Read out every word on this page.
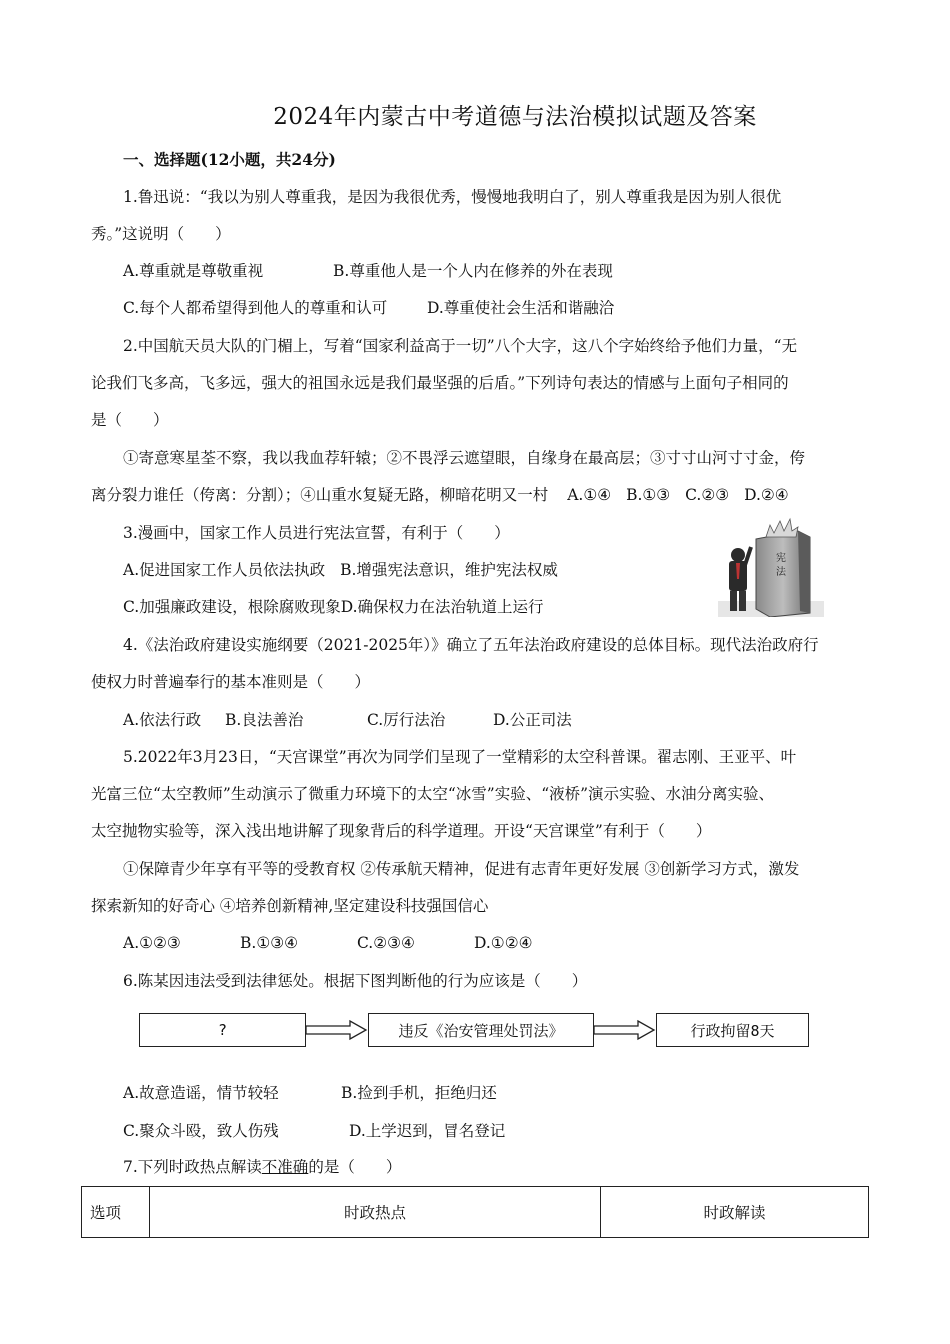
2024年内蒙古中考道德与法治模拟试题及答案
一、选择题(12小题，共24分)
1.鲁迅说：“我以为别人尊重我，是因为我很优秀，慢慢地我明白了，别人尊重我是因为别人很优
秀。”这说明（　　）
A.尊重就是尊敬重视	B.尊重他人是一个人内在修养的外在表现
C.每个人都希望得到他人的尊重和认可	D.尊重使社会生活和谐融洽
2.中国航天员大队的门楣上，写着“国家利益高于一切”八个大字，这八个字始终给予他们力量，“无
论我们飞多高，飞多远，强大的祖国永远是我们最坚强的后盾。”下列诗句表达的情感与上面句子相同的
是（　　）
①寄意寒星荃不察，我以我血荐轩辕；②不畏浮云遮望眼，自缘身在最高层；③寸寸山河寸寸金，侉
离分裂力谁任（侉离：分割）；④山重水复疑无路，柳暗花明又一村 A.①④ B.①③ C.②③ D.②④
3.漫画中，国家工作人员进行宪法宣誓，有利于（　　）
A.促进国家工作人员依法执政 B.增强宪法意识，维护宪法权威
C.加强廉政建设，根除腐败现象D.确保权力在法治轨道上运行
宪法
4.《法治政府建设实施纲要（2021-2025年）》确立了五年法治政府建设的总体目标。现代法治政府行
使权力时普遍奉行的基本准则是（　　）
A.依法行政 B.良法善治	C.厉行法治	D.公正司法
5.2022年3月23日，“天宫课堂”再次为同学们呈现了一堂精彩的太空科普课。翟志刚、王亚平、叶
光富三位“太空教师”生动演示了微重力环境下的太空“冰雪”实验、“液桥”演示实验、水油分离实验、
太空抛物实验等，深入浅出地讲解了现象背后的科学道理。开设“天宫课堂”有利于（　　）
①保障青少年享有平等的受教育权 ②传承航天精神，促进有志青年更好发展 ③创新学习方式，激发
探索新知的好奇心 ④培养创新精神,坚定建设科技强国信心
A.①②③	B.①③④	C.②③④	D.①②④
6.陈某因违法受到法律惩处。根据下图判断他的行为应该是（　　）
?	违反《治安管理处罚法》	行政拘留8天
A.故意造谣，情节较轻	B.捡到手机，拒绝归还
C.聚众斗殴，致人伤残	D.上学迟到，冒名登记
7.下列时政热点解读不准确的是（　　）
选项	时政热点	时政解读
